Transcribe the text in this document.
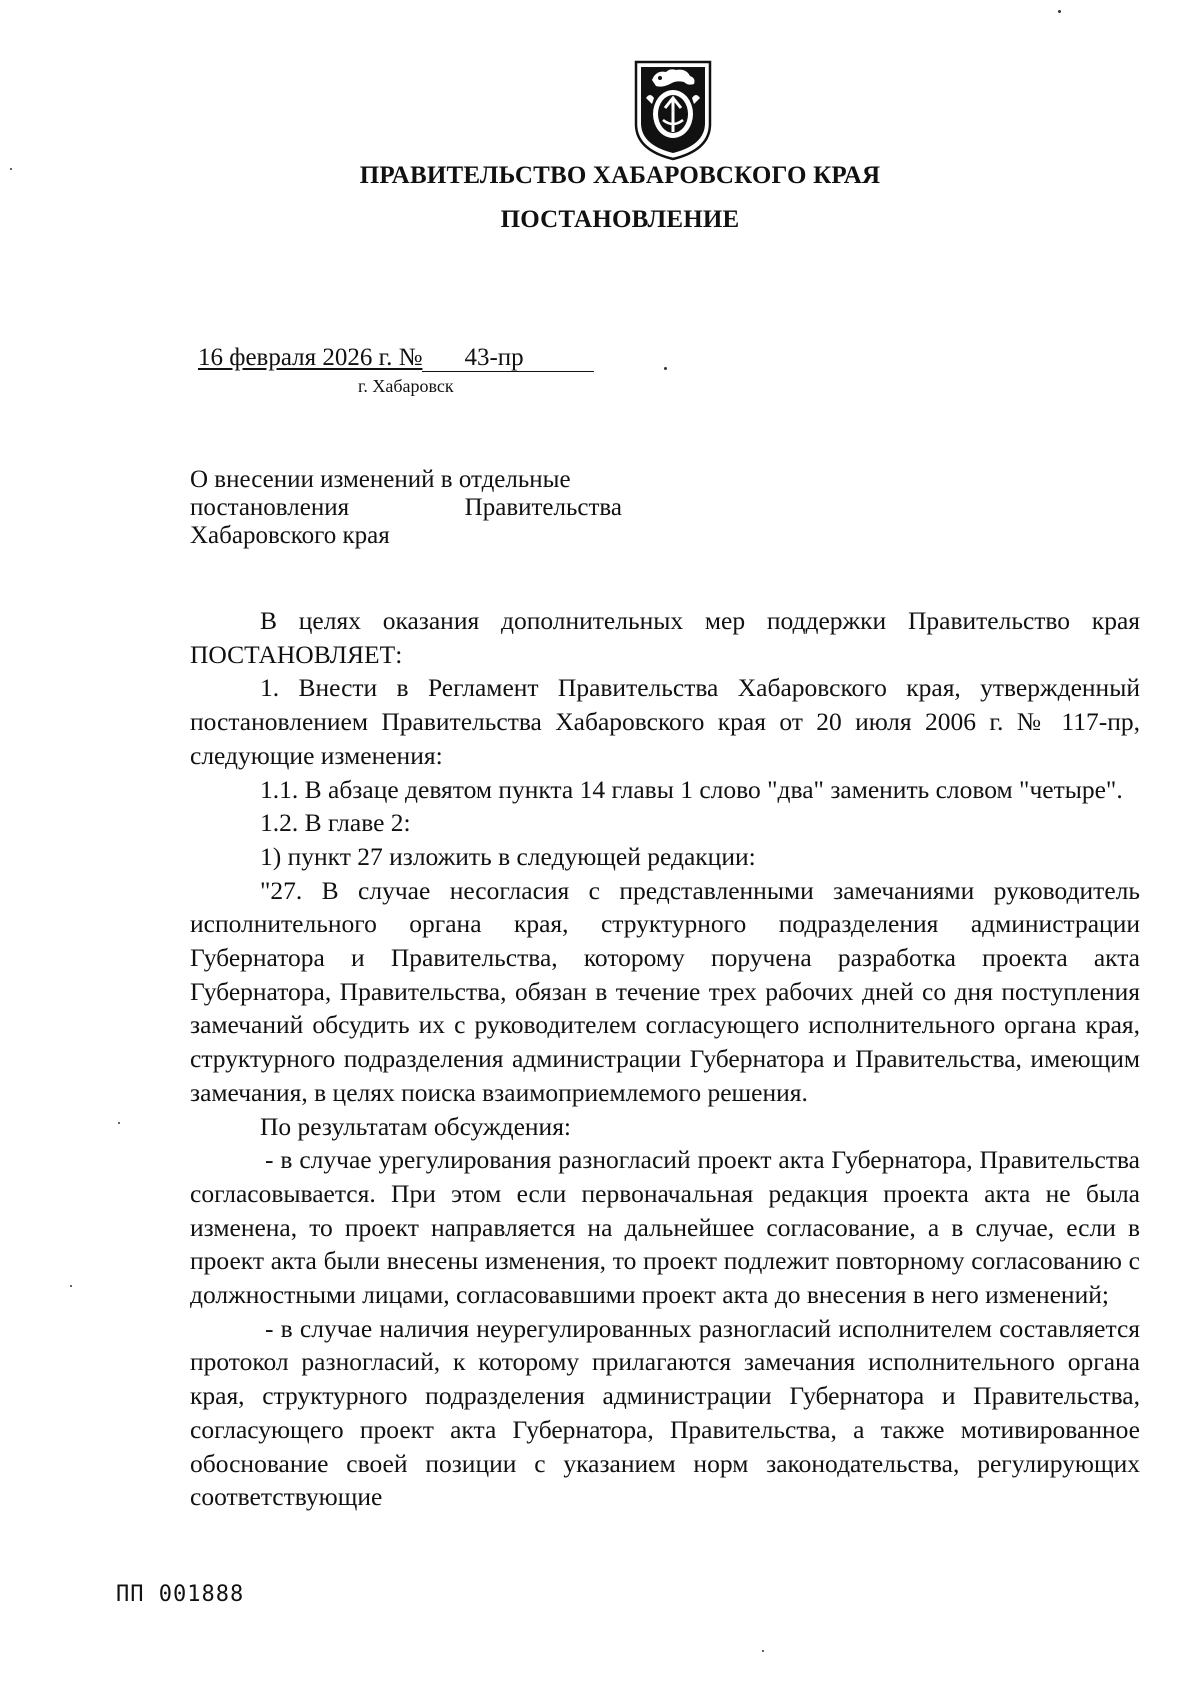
ПРАВИТЕЛЬСТВО ХАБАРОВСКОГО КРАЯ
ПОСТАНОВЛЕНИЕ
16 февраля 2026 г. № 43-пр
г. Хабаровск
О внесении изменений в отдельные
постановления	Правительства
Хабаровского края

В целях оказания дополнительных мер поддержки Правительство края ПОСТАНОВЛЯЕТ:

1. Внести в Регламент Правительства Хабаровского края, утвержденный постановлением Правительства Хабаровского края от 20 июля 2006 г. № 117-пр, следующие изменения:

1.1. В абзаце девятом пункта 14 главы 1 слово "два" заменить словом "четыре".

1.2. В главе 2:

1) пункт 27 изложить в следующей редакции:

"27. В случае несогласия с представленными замечаниями руководитель исполнительного органа края, структурного подразделения администрации Губернатора и Правительства, которому поручена разработка проекта акта Губернатора, Правительства, обязан в течение трех рабочих дней со дня поступления замечаний обсудить их с руководителем согласующего исполнительного органа края, структурного подразделения администрации Губернатора и Правительства, имеющим замечания, в целях поиска взаимоприемлемого решения.

По результатам обсуждения:

- в случае урегулирования разногласий проект акта Губернатора, Правительства согласовывается. При этом если первоначальная редакция проекта акта не была изменена, то проект направляется на дальнейшее согласование, а в случае, если в проект акта были внесены изменения, то проект подлежит повторному согласованию с должностными лицами, согласовавшими проект акта до внесения в него изменений;

- в случае наличия неурегулированных разногласий исполнителем составляется протокол разногласий, к которому прилагаются замечания исполнительного органа края, структурного подразделения администрации Губернатора и Правительства, согласующего проект акта Губернатора, Правительства, а также мотивированное обоснование своей позиции с указанием норм законодательства, регулирующих соответствующие

ПП 001888
